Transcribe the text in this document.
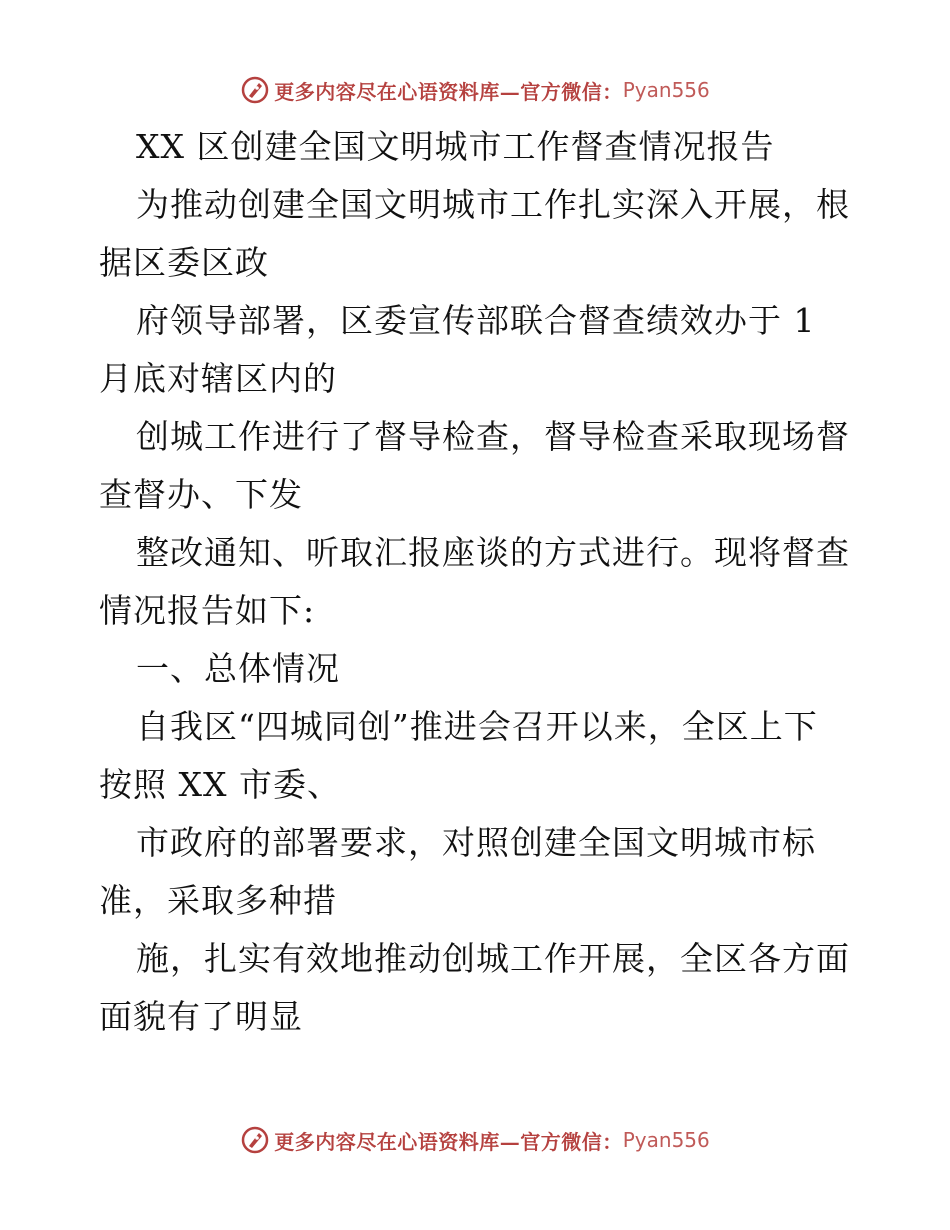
更多内容尽在心语资料库—官方微信： Pyan556
XX 区创建全国文明城市工作督查情况报告
为推动创建全国文明城市工作扎实深入开展，根
据区委区政
府领导部署，区委宣传部联合督查绩效办于 1
月底对辖区内的
创城工作进行了督导检查，督导检查采取现场督
查督办、下发
整改通知、听取汇报座谈的方式进行。现将督查
情况报告如下:
一、总体情况
自我区“四城同创”推进会召开以来，全区上下
按照 XX 市委、
市政府的部署要求，对照创建全国文明城市标
准，采取多种措
施，扎实有效地推动创城工作开展，全区各方面
面貌有了明显
更多内容尽在心语资料库—官方微信： Pyan556
